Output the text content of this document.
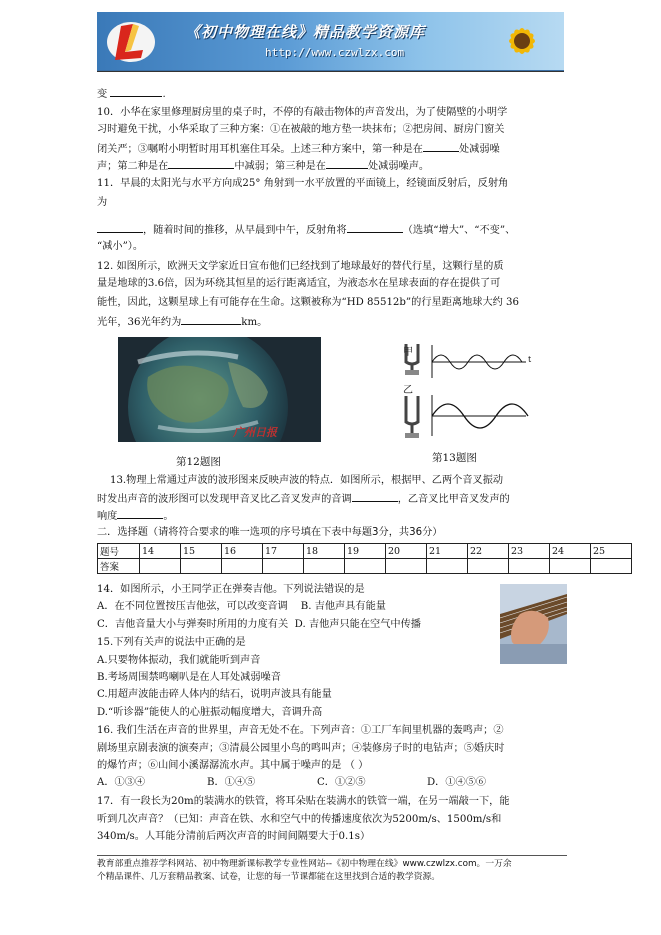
《初中物理在线》精品教学资源库
http://www.czwlzx.com
变	.
10．小华在家里修理厨房里的桌子时，不停的有敲击物体的声音发出，为了使隔壁的小明学
习时避免干扰，小华采取了三种方案：①在被敲的地方垫一块抹布；②把房间、厨房门窗关
闭关严；③嘱咐小明暂时用耳机塞住耳朵。上述三种方案中，第一种是在	处减弱噪
声；第二种是在	中减弱；第三种是在	处减弱噪声。
11．早晨的太阳光与水平方向成25° 角射到一水平放置的平面镜上，经镜面反射后，反射角
为
，随着时间的推移，从早晨到中午，反射角将	（选填“增大”、“不变”、
“减小”）。
12. 如图所示，欧洲天文学家近日宣布他们已经找到了地球最好的替代行星，这颗行星的质
量是地球的3.6倍，因为环绕其恒星的运行距离适宜，为液态水在星球表面的存在提供了可
能性，因此，这颗星球上有可能存在生命。这颗被称为“HD 85512b”的行星距离地球大约 36
光年，36光年约为	km。
广州日报
第12题图
乙
t
第13题图
13.物理上常通过声波的波形图来反映声波的特点．如图所示，根据甲、乙两个音叉振动
时发出声音的波形图可以发现甲音叉比乙音叉发声的音调	，乙音叉比甲音叉发声的
响度	。
二．选择题（请将符合要求的唯一选项的序号填在下表中每题3分，共36分）
题号	14	15	16	17	18	19	20	21	22	23	24	25
答案												
14．如图所示，小王同学正在弹奏吉他。下列说法错误的是
A．在不同位置按压吉他弦，可以改变音调 B. 吉他声具有能量
C．吉他音量大小与弹奏时所用的力度有关 D. 吉他声只能在空气中传播
15.下列有关声的说法中正确的是
A.只要物体振动，我们就能听到声音
B.考场周围禁鸣喇叭是在人耳处减弱噪音
C.用超声波能击碎人体内的结石，说明声波具有能量
D.“听诊器”能使人的心脏振动幅度增大，音调升高
16. 我们生活在声音的世界里，声音无处不在。下列声音：①工厂车间里机器的轰鸣声；②
剧场里京剧表演的演奏声；③清晨公园里小鸟的鸣叫声；④装修房子时的电钻声；⑤婚庆时
的爆竹声；⑥山间小溪潺潺流水声。其中属于噪声的是 （ ）
A．①③④	B．①④⑤	C．①②⑤	D．①④⑤⑥
17．有一段长为20m的装满水的铁管，将耳朵贴在装满水的铁管一端，在另一端敲一下，能
听到几次声音？（已知：声音在铁、水和空气中的传播速度依次为5200m/s、1500m/s和
340m/s。人耳能分清前后两次声音的时间间隔要大于0.1s）
教育部重点推荐学科网站、初中物理新课标教学专业性网站--《初中物理在线》www.czwlzx.com。一万余
个精品课件、几万套精品教案、试卷，让您的每一节课都能在这里找到合适的教学资源。
甲
